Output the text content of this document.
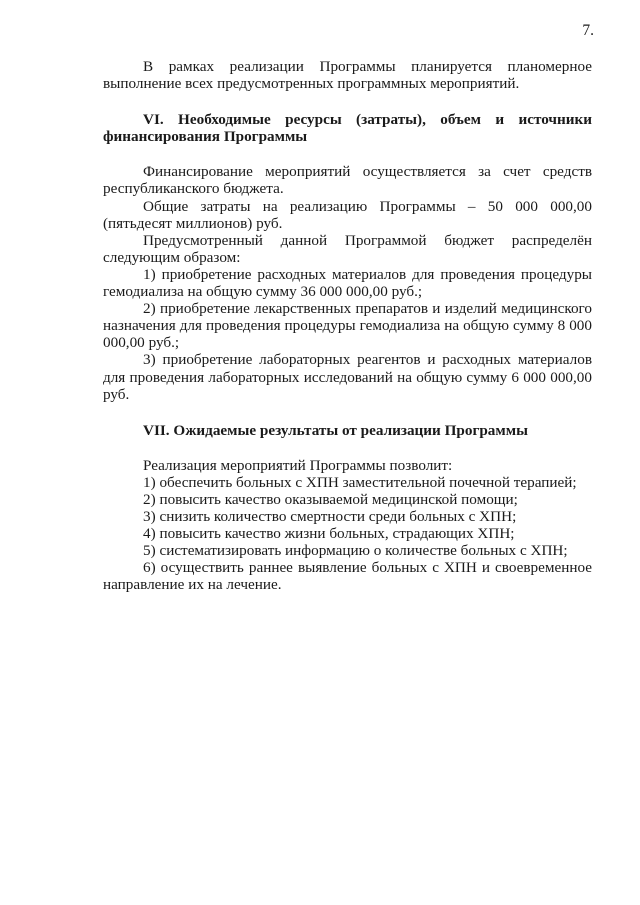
7.

В рамках реализации Программы планируется планомерное выполнение всех предусмотренных программных мероприятий.

VI. Необходимые ресурсы (затраты), объем и источники финансирования Программы

Финансирование мероприятий осуществляется за счет средств республиканского бюджета.

Общие затраты на реализацию Программы – 50 000 000,00 (пятьдесят миллионов) руб.

Предусмотренный данной Программой бюджет распределён следующим образом:

1) приобретение расходных материалов для проведения процедуры гемодиализа на общую сумму 36 000 000,00 руб.;

2) приобретение лекарственных препаратов и изделий медицинского назначения для проведения процедуры гемодиализа на общую сумму 8 000 000,00 руб.;

3) приобретение лабораторных реагентов и расходных материалов для проведения лабораторных исследований на общую сумму 6 000 000,00 руб.

VII. Ожидаемые результаты от реализации Программы

Реализация мероприятий Программы позволит:

1) обеспечить больных с ХПН заместительной почечной терапией;

2) повысить качество оказываемой медицинской помощи;

3) снизить количество смертности среди больных с ХПН;

4) повысить качество жизни больных, страдающих ХПН;

5) систематизировать информацию о количестве больных с ХПН;

6) осуществить раннее выявление больных с ХПН и своевременное направление их на лечение.
